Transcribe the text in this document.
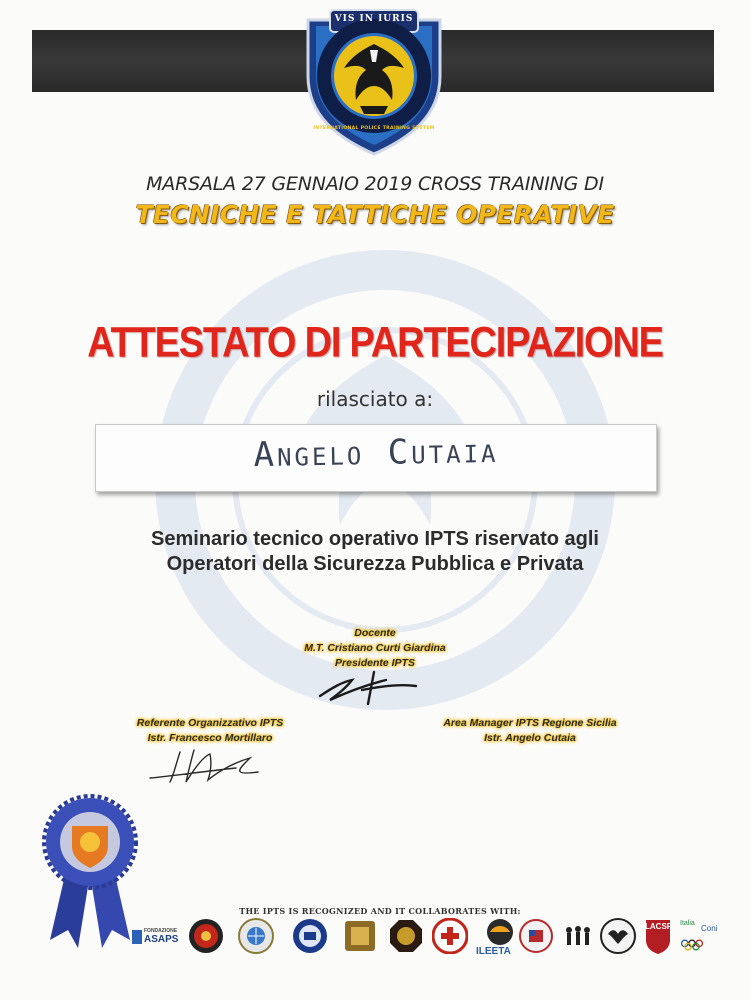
VIS IN IURIS
INTERNATIONAL POLICE TRAINING SYSTEM
MARSALA 27 GENNAIO 2019 CROSS TRAINING DI
TECNICHE E TATTICHE OPERATIVE
ATTESTATO DI PARTECIPAZIONE
rilasciato a:
Angelo Cutaia
Seminario tecnico operativo IPTS riservato agli
Operatori della Sicurezza Pubblica e Privata
Docente
M.T. Cristiano Curti Giardina
Presidente IPTS
Referente Organizzativo IPTS
Istr. Francesco Mortillaro
Area Manager IPTS Regione Sicilia
Istr. Angelo Cutaia
THE IPTS IS RECOGNIZED AND IT COLLABORATES WITH:
FONDAZIONE
ASAPS
ILEETA
LACSP Italia
Coni
